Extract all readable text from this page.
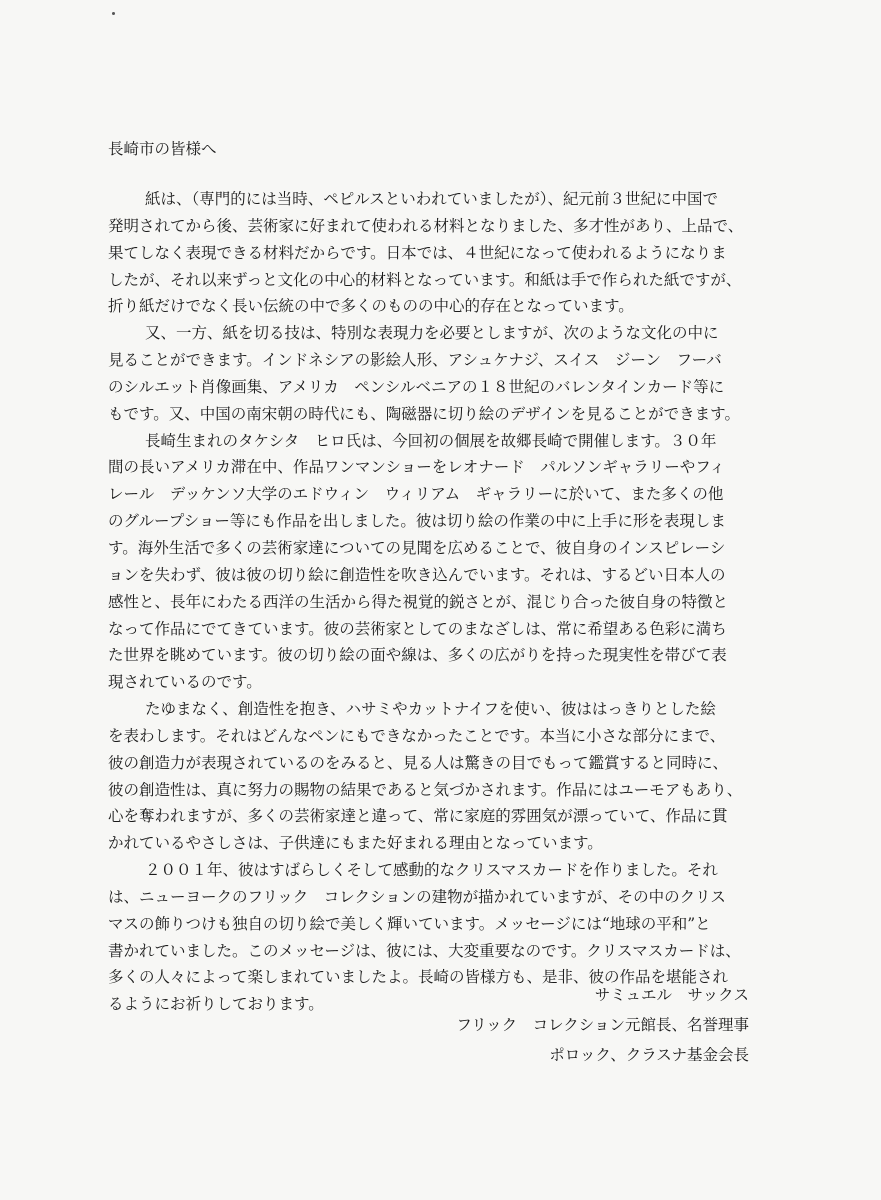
長崎市の皆様へ
紙は、（専門的には当時、ペピルスといわれていましたが）、紀元前３世紀に中国で
発明されてから後、芸術家に好まれて使われる材料となりました、多才性があり、上品で、
果てしなく表現できる材料だからです。日本では、４世紀になって使われるようになりま
したが、それ以来ずっと文化の中心的材料となっています。和紙は手で作られた紙ですが、
折り紙だけでなく長い伝統の中で多くのものの中心的存在となっています。
又、一方、紙を切る技は、特別な表現力を必要としますが、次のような文化の中に
見ることができます。インドネシアの影絵人形、アシュケナジ、スイス　ジーン　フーバ
のシルエット肖像画集、アメリカ　ペンシルベニアの１８世紀のバレンタインカード等に
もです。又、中国の南宋朝の時代にも、陶磁器に切り絵のデザインを見ることができます。
長崎生まれのタケシタ　ヒロ氏は、今回初の個展を故郷長崎で開催します。３０年
間の長いアメリカ滞在中、作品ワンマンショーをレオナード　パルソンギャラリーやフィ
レール　デッケンソ大学のエドウィン　ウィリアム　ギャラリーに於いて、また多くの他
のグループショー等にも作品を出しました。彼は切り絵の作業の中に上手に形を表現しま
す。海外生活で多くの芸術家達についての見聞を広めることで、彼自身のインスピレーシ
ョンを失わず、彼は彼の切り絵に創造性を吹き込んでいます。それは、するどい日本人の
感性と、長年にわたる西洋の生活から得た視覚的鋭さとが、混じり合った彼自身の特徴と
なって作品にでてきています。彼の芸術家としてのまなざしは、常に希望ある色彩に満ち
た世界を眺めています。彼の切り絵の面や線は、多くの広がりを持った現実性を帯びて表
現されているのです。
たゆまなく、創造性を抱き、ハサミやカットナイフを使い、彼ははっきりとした絵
を表わします。それはどんなペンにもできなかったことです。本当に小さな部分にまで、
彼の創造力が表現されているのをみると、見る人は驚きの目でもって鑑賞すると同時に、
彼の創造性は、真に努力の賜物の結果であると気づかされます。作品にはユーモアもあり、
心を奪われますが、多くの芸術家達と違って、常に家庭的雰囲気が漂っていて、作品に貫
かれているやさしさは、子供達にもまた好まれる理由となっています。
２００１年、彼はすばらしくそして感動的なクリスマスカードを作りました。それ
は、ニューヨークのフリック　コレクションの建物が描かれていますが、その中のクリス
マスの飾りつけも独自の切り絵で美しく輝いています。メッセージには“地球の平和”と
書かれていました。このメッセージは、彼には、大変重要なのです。クリスマスカードは、
多くの人々によって楽しまれていましたよ。長崎の皆様方も、是非、彼の作品を堪能され
るようにお祈りしております。
サミュエル　サックス
フリック　コレクション元館長、名誉理事
ポロック、クラスナ基金会長
